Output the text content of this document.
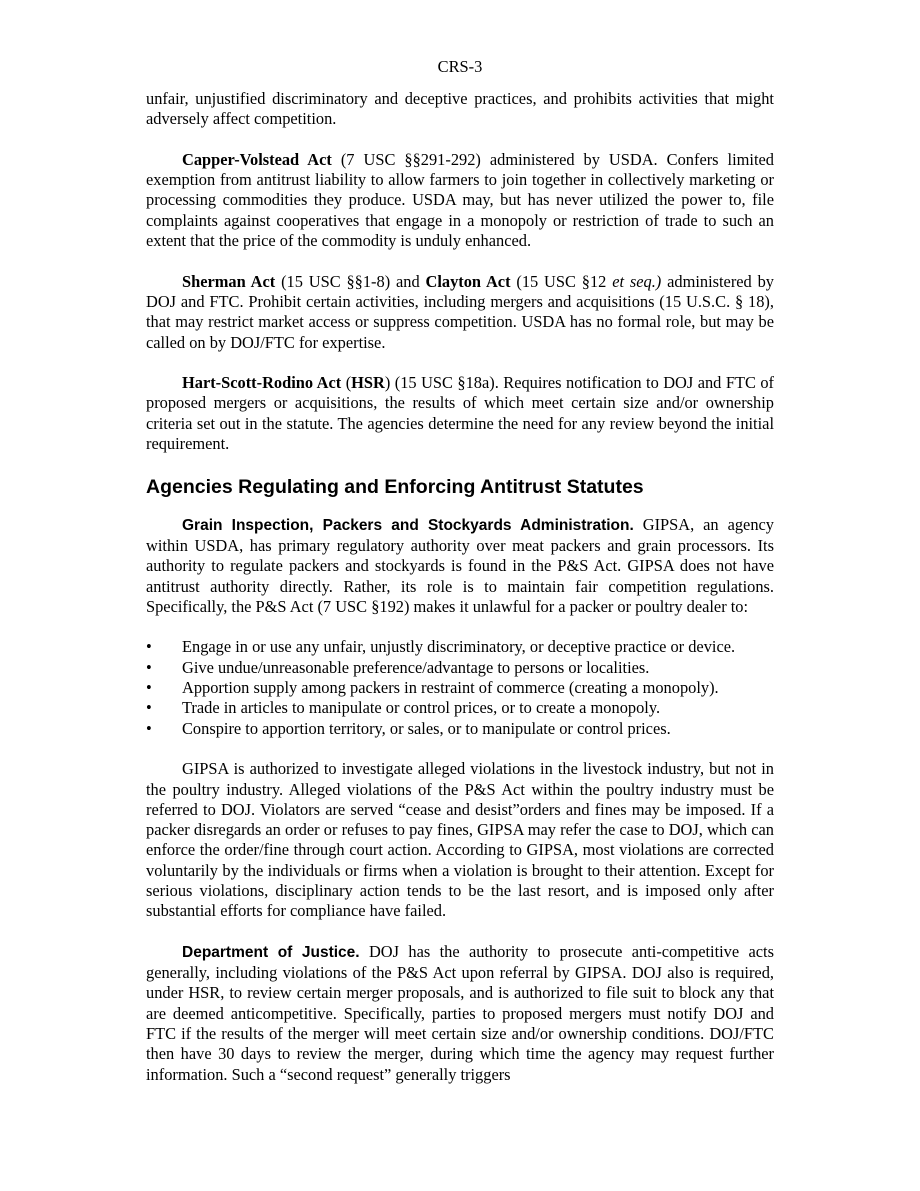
CRS-3

unfair, unjustified discriminatory and deceptive practices, and prohibits activities that might adversely affect competition.

Capper-Volstead Act (7 USC §§291-292) administered by USDA. Confers limited exemption from antitrust liability to allow farmers to join together in collectively marketing or processing commodities they produce. USDA may, but has never utilized the power to, file complaints against cooperatives that engage in a monopoly or restriction of trade to such an extent that the price of the commodity is unduly enhanced.

Sherman Act (15 USC §§1-8) and Clayton Act (15 USC §12 et seq.) administered by DOJ and FTC. Prohibit certain activities, including mergers and acquisitions (15 U.S.C. § 18), that may restrict market access or suppress competition. USDA has no formal role, but may be called on by DOJ/FTC for expertise.

Hart-Scott-Rodino Act (HSR) (15 USC §18a). Requires notification to DOJ and FTC of proposed mergers or acquisitions, the results of which meet certain size and/or ownership criteria set out in the statute. The agencies determine the need for any review beyond the initial requirement.

Agencies Regulating and Enforcing Antitrust Statutes

Grain Inspection, Packers and Stockyards Administration. GIPSA, an agency within USDA, has primary regulatory authority over meat packers and grain processors. Its authority to regulate packers and stockyards is found in the P&S Act. GIPSA does not have antitrust authority directly. Rather, its role is to maintain fair competition regulations. Specifically, the P&S Act (7 USC §192) makes it unlawful for a packer or poultry dealer to:

• Engage in or use any unfair, unjustly discriminatory, or deceptive practice or device.
• Give undue/unreasonable preference/advantage to persons or localities.
• Apportion supply among packers in restraint of commerce (creating a monopoly).
• Trade in articles to manipulate or control prices, or to create a monopoly.
• Conspire to apportion territory, or sales, or to manipulate or control prices.

GIPSA is authorized to investigate alleged violations in the livestock industry, but not in the poultry industry. Alleged violations of the P&S Act within the poultry industry must be referred to DOJ. Violators are served “cease and desist”orders and fines may be imposed. If a packer disregards an order or refuses to pay fines, GIPSA may refer the case to DOJ, which can enforce the order/fine through court action. According to GIPSA, most violations are corrected voluntarily by the individuals or firms when a violation is brought to their attention. Except for serious violations, disciplinary action tends to be the last resort, and is imposed only after substantial efforts for compliance have failed.

Department of Justice. DOJ has the authority to prosecute anti-competitive acts generally, including violations of the P&S Act upon referral by GIPSA. DOJ also is required, under HSR, to review certain merger proposals, and is authorized to file suit to block any that are deemed anticompetitive. Specifically, parties to proposed mergers must notify DOJ and FTC if the results of the merger will meet certain size and/or ownership conditions. DOJ/FTC then have 30 days to review the merger, during which time the agency may request further information. Such a “second request” generally triggers
